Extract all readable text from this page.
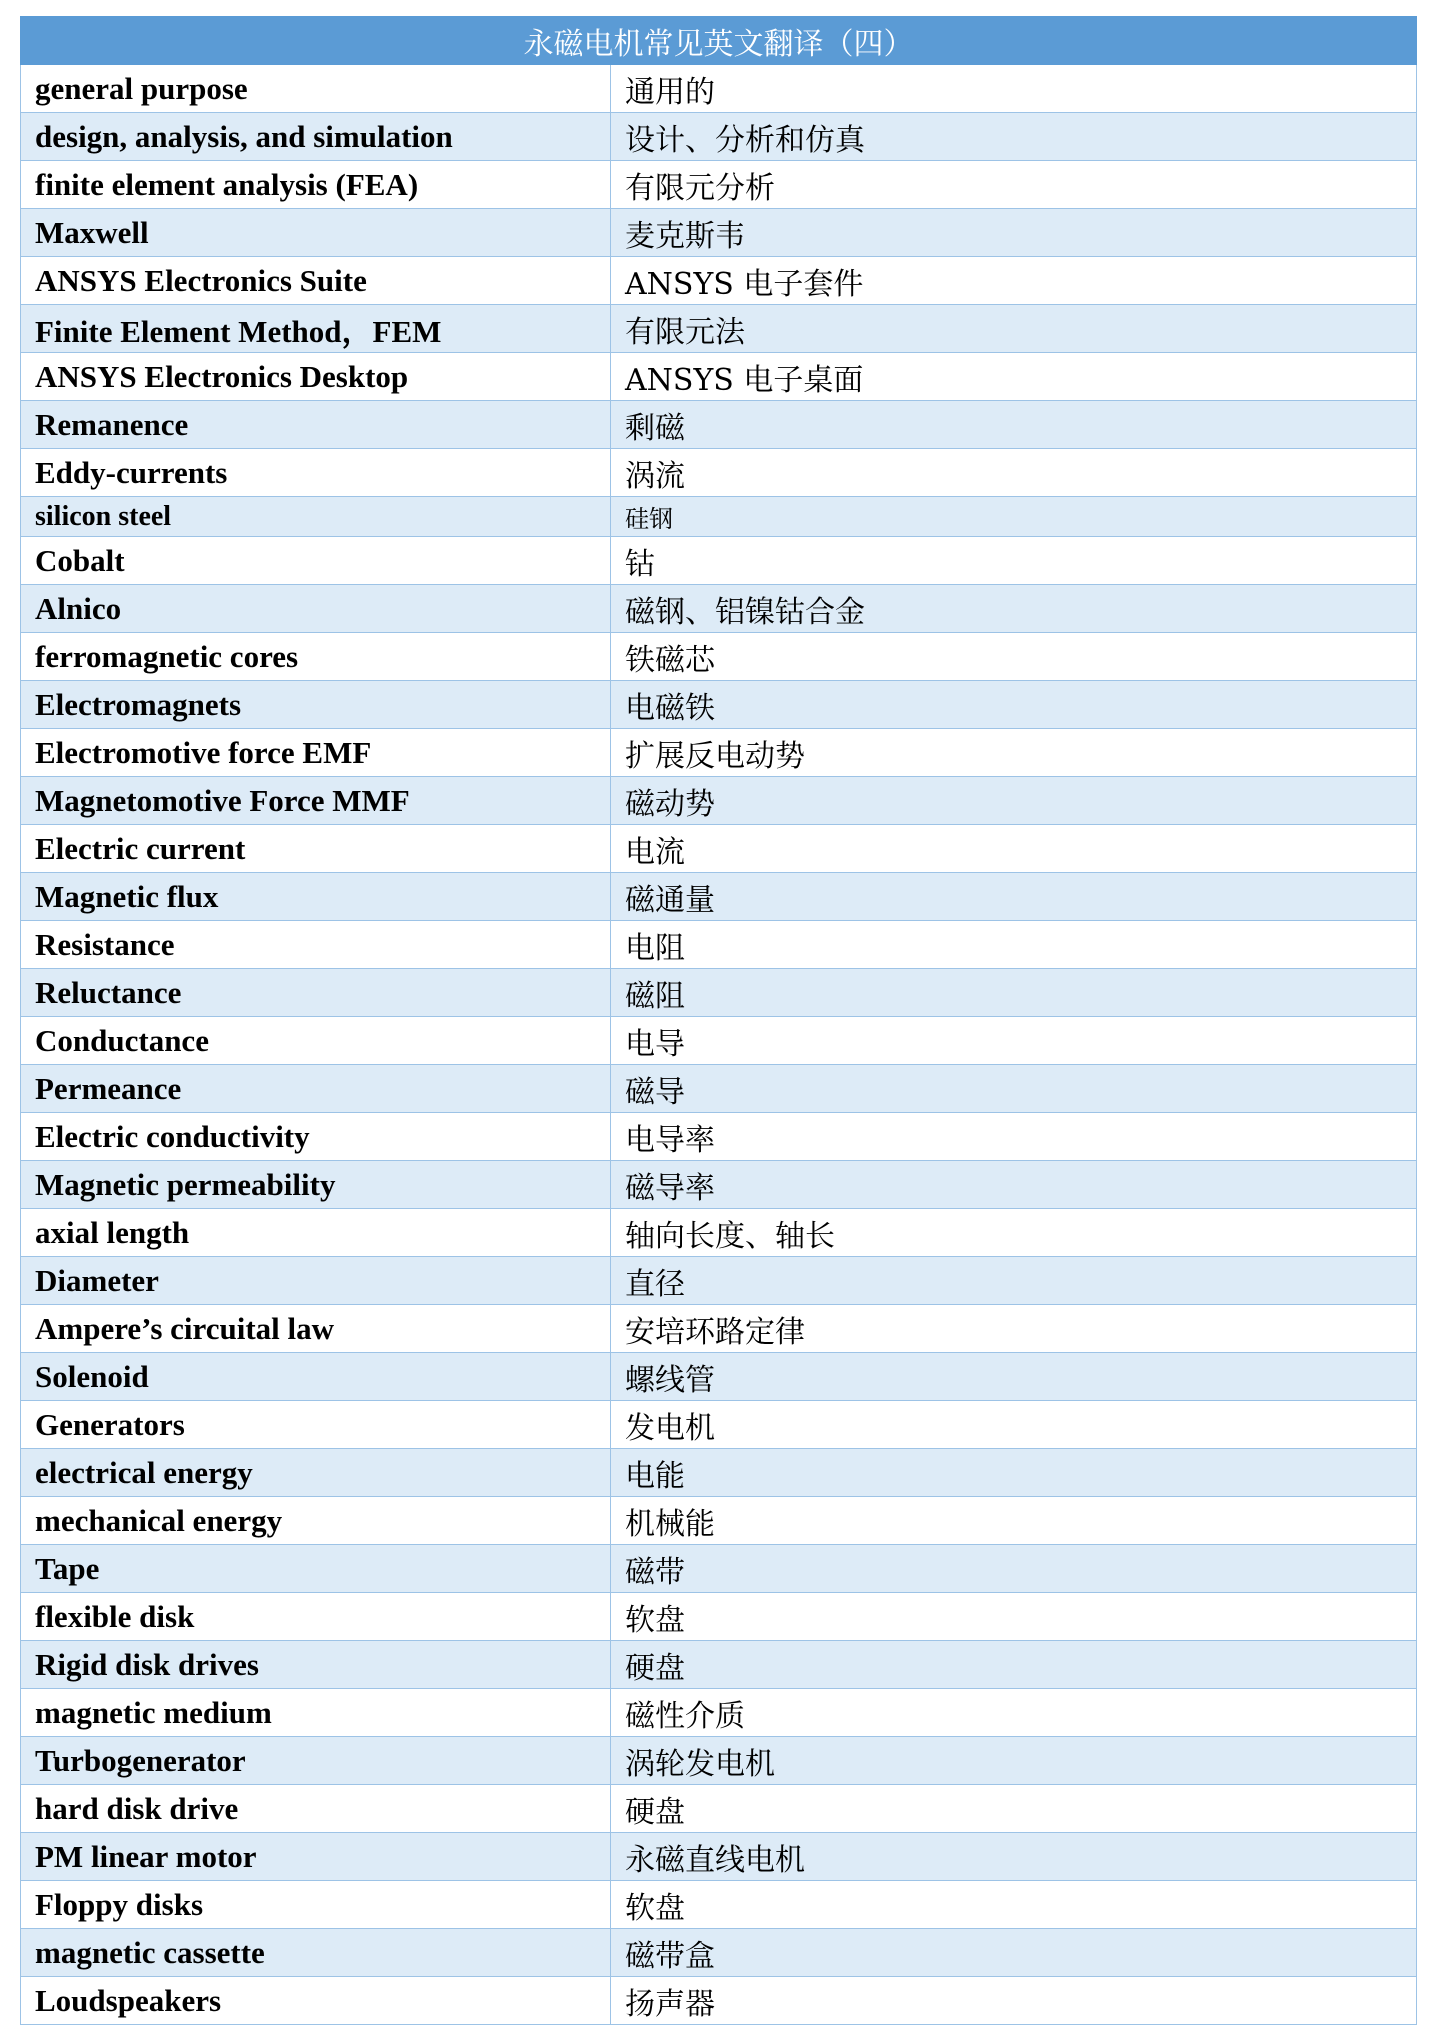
永磁电机常见英文翻译（四）	
general purpose	通用的
design, analysis, and simulation	设计、分析和仿真
finite element analysis (FEA)	有限元分析
Maxwell	麦克斯韦
ANSYS Electronics Suite	ANSYS 电子套件
Finite Element Method，FEM	有限元法
ANSYS Electronics Desktop	ANSYS 电子桌面
Remanence	剩磁
Eddy-currents	涡流
silicon steel	硅钢
Cobalt	钴
Alnico	磁钢、铝镍钴合金
ferromagnetic cores	铁磁芯
Electromagnets	电磁铁
Electromotive force EMF	扩展反电动势
Magnetomotive Force MMF	磁动势
Electric current	电流
Magnetic flux	磁通量
Resistance	电阻
Reluctance	磁阻
Conductance	电导
Permeance	磁导
Electric conductivity	电导率
Magnetic permeability	磁导率
axial length	轴向长度、轴长
Diameter	直径
Ampere’s circuital law	安培环路定律
Solenoid	螺线管
Generators	发电机
electrical energy	电能
mechanical energy	机械能
Tape	磁带
flexible disk	软盘
Rigid disk drives	硬盘
magnetic medium	磁性介质
Turbogenerator	涡轮发电机
hard disk drive	硬盘
PM linear motor	永磁直线电机
Floppy disks	软盘
magnetic cassette	磁带盒
Loudspeakers	扬声器
